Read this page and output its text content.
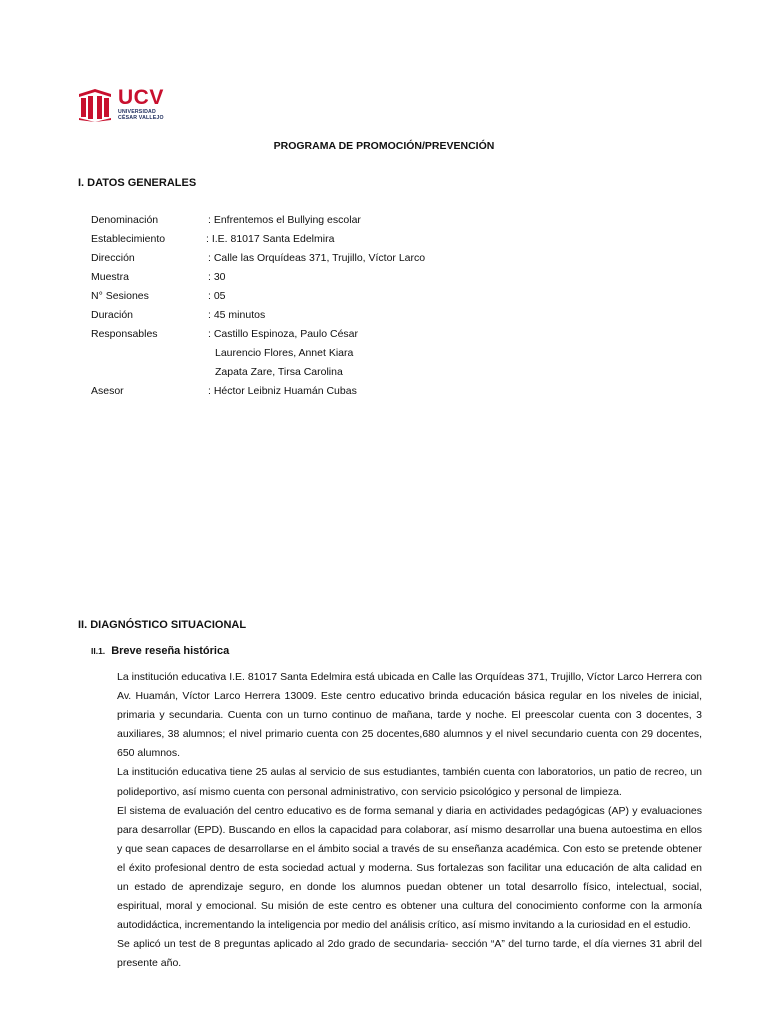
UCV
UNIVERSIDAD
CÉSAR VALLEJO
PROGRAMA DE PROMOCIÓN/PREVENCIÓN
I. DATOS GENERALES
Denominación	: Enfrentemos el Bullying escolar
Establecimiento	: I.E. 81017 Santa Edelmira
Dirección	: Calle las Orquídeas 371, Trujillo, Víctor Larco
Muestra	: 30
N° Sesiones	: 05
Duración	: 45 minutos
Responsables	: Castillo Espinoza, Paulo César
Laurencio Flores, Annet Kiara
Zapata Zare, Tirsa Carolina
Asesor	: Héctor Leibniz Huamán Cubas
II. DIAGNÓSTICO SITUACIONAL
II.1. Breve reseña histórica

La institución educativa I.E. 81017 Santa Edelmira está ubicada en Calle las Orquídeas 371, Trujillo, Víctor Larco Herrera con Av. Huamán, Víctor Larco Herrera 13009. Este centro educativo brinda educación básica regular en los niveles de inicial, primaria y secundaria. Cuenta con un turno continuo de mañana, tarde y noche. El preescolar cuenta con 3 docentes, 3 auxiliares, 38 alumnos; el nivel primario cuenta con 25 docentes,680 alumnos y el nivel secundario cuenta con 29 docentes, 650 alumnos.

La institución educativa tiene 25 aulas al servicio de sus estudiantes, también cuenta con laboratorios, un patio de recreo, un polideportivo, así mismo cuenta con personal administrativo, con servicio psicológico y personal de limpieza.

El sistema de evaluación del centro educativo es de forma semanal y diaria en actividades pedagógicas (AP) y evaluaciones para desarrollar (EPD). Buscando en ellos la capacidad para colaborar, así mismo desarrollar una buena autoestima en ellos y que sean capaces de desarrollarse en el ámbito social a través de su enseñanza académica. Con esto se pretende obtener el éxito profesional dentro de esta sociedad actual y moderna. Sus fortalezas son facilitar una educación de alta calidad en un estado de aprendizaje seguro, en donde los alumnos puedan obtener un total desarrollo físico, intelectual, social, espiritual, moral y emocional. Su misión de este centro es obtener una cultura del conocimiento conforme con la armonía autodidáctica, incrementando la inteligencia por medio del análisis crítico, así mismo invitando a la curiosidad en el estudio.

Se aplicó un test de 8 preguntas aplicado al 2do grado de secundaria- sección “A” del turno tarde, el día viernes 31 abril del presente año.
